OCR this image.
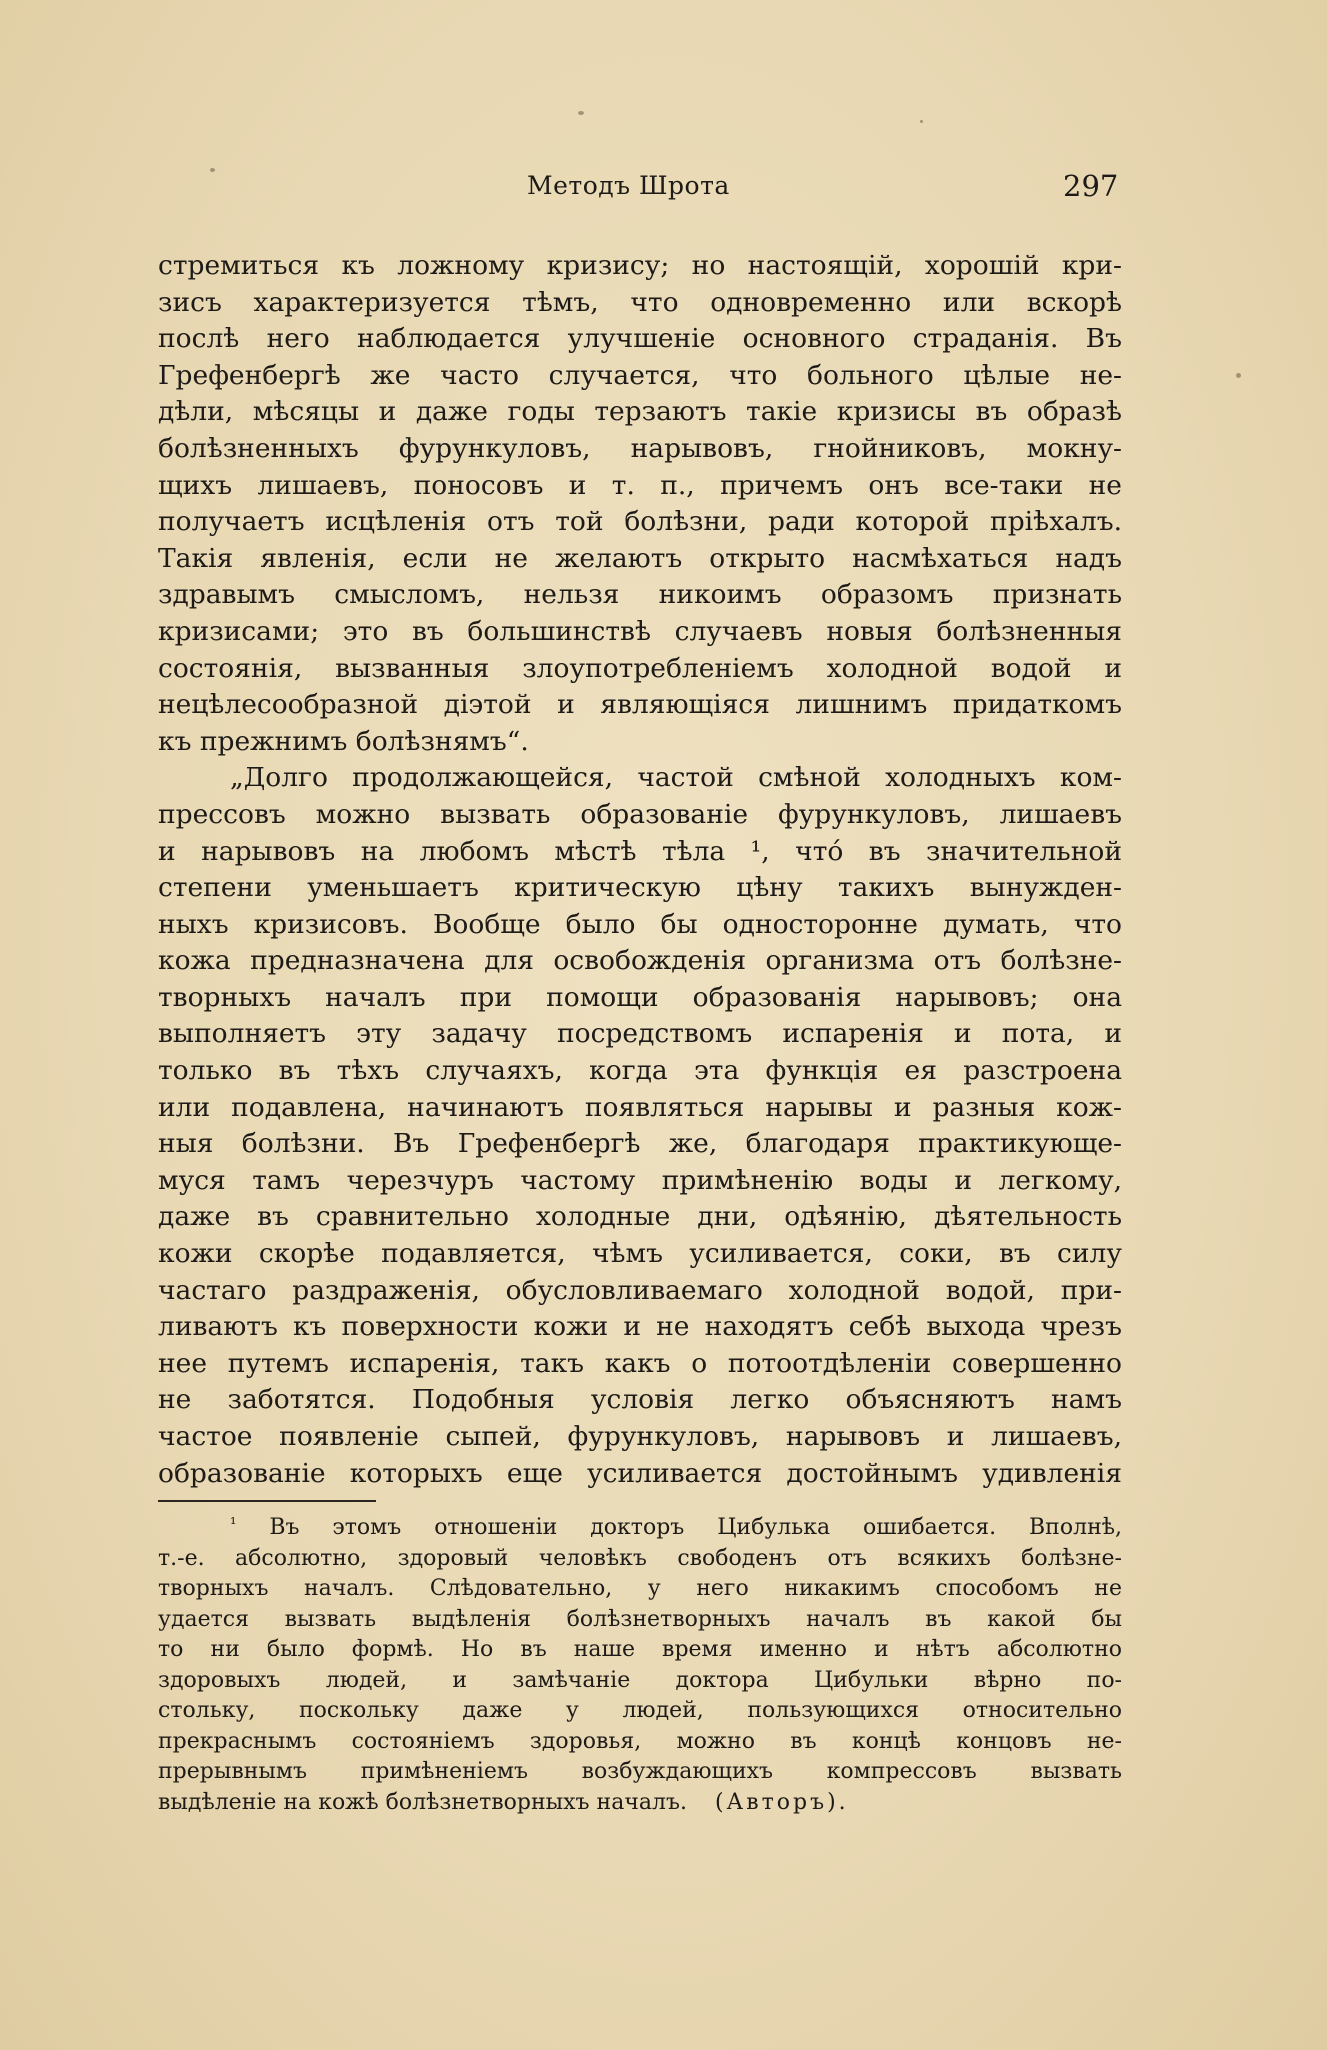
Методъ Шрота	297
стремиться къ ложному кризису; но настоящій, хорошій кри-
зисъ характеризуется тѣмъ, что одновременно или вскорѣ
послѣ него наблюдается улучшеніе основного страданія. Въ
Грефенбергѣ же часто случается, что больного цѣлые не-
дѣли, мѣсяцы и даже годы терзаютъ такіе кризисы въ образѣ
болѣзненныхъ фурункуловъ, нарывовъ, гнойниковъ, мокну-
щихъ лишаевъ, поносовъ и т. п., причемъ онъ все-таки не
получаетъ исцѣленія отъ той болѣзни, ради которой пріѣхалъ.
Такія явленія, если не желаютъ открыто насмѣхаться надъ
здравымъ смысломъ, нельзя никоимъ образомъ признать
кризисами; это въ большинствѣ случаевъ новыя болѣзненныя
состоянія, вызванныя злоупотребленіемъ холодной водой и
нецѣлесообразной діэтой и являющіяся лишнимъ придаткомъ
къ прежнимъ болѣзнямъ“.
„Долго продолжающейся, частой смѣной холодныхъ ком-
прессовъ можно вызвать образованіе фурункуловъ, лишаевъ
и нарывовъ на любомъ мѣстѣ тѣла ¹, чтó въ значительной
степени уменьшаетъ критическую цѣну такихъ вынужден-
ныхъ кризисовъ. Вообще было бы односторонне думать, что
кожа предназначена для освобожденія организма отъ болѣзне-
творныхъ началъ при помощи образованія нарывовъ; она
выполняетъ эту задачу посредствомъ испаренія и пота, и
только въ тѣхъ случаяхъ, когда эта функція ея разстроена
или подавлена, начинаютъ появляться нарывы и разныя кож-
ныя болѣзни. Въ Грефенбергѣ же, благодаря практикующе-
муся тамъ черезчуръ частому примѣненію воды и легкому,
даже въ сравнительно холодные дни, одѣянію, дѣятельность
кожи скорѣе подавляется, чѣмъ усиливается, соки, въ силу
частаго раздраженія, обусловливаемаго холодной водой, при-
ливаютъ къ поверхности кожи и не находятъ себѣ выхода чрезъ
нее путемъ испаренія, такъ какъ о потоотдѣленіи совершенно
не заботятся. Подобныя условія легко объясняютъ намъ
частое появленіе сыпей, фурункуловъ, нарывовъ и лишаевъ,
образованіе которыхъ еще усиливается достойнымъ удивленія
$^{^1}$ Въ этомъ отношеніи докторъ Цибулька ошибается. Вполнѣ,
т.-е. абсолютно, здоровый человѣкъ свободенъ отъ всякихъ болѣзне-
творныхъ началъ. Слѣдовательно, у него никакимъ способомъ не
удается вызвать выдѣленія болѣзнетворныхъ началъ въ какой бы
то ни было формѣ. Но въ наше время именно и нѣтъ абсолютно
здоровыхъ людей, и замѣчаніе доктора Цибульки вѣрно по-
стольку, поскольку даже у людей, пользующихся относительно
прекраснымъ состояніемъ здоровья, можно въ концѣ концовъ не-
прерывнымъ примѣненіемъ возбуждающихъ компрессовъ вызвать
выдѣленіе на кожѣ болѣзнетворныхъ началъ. (Авторъ).
